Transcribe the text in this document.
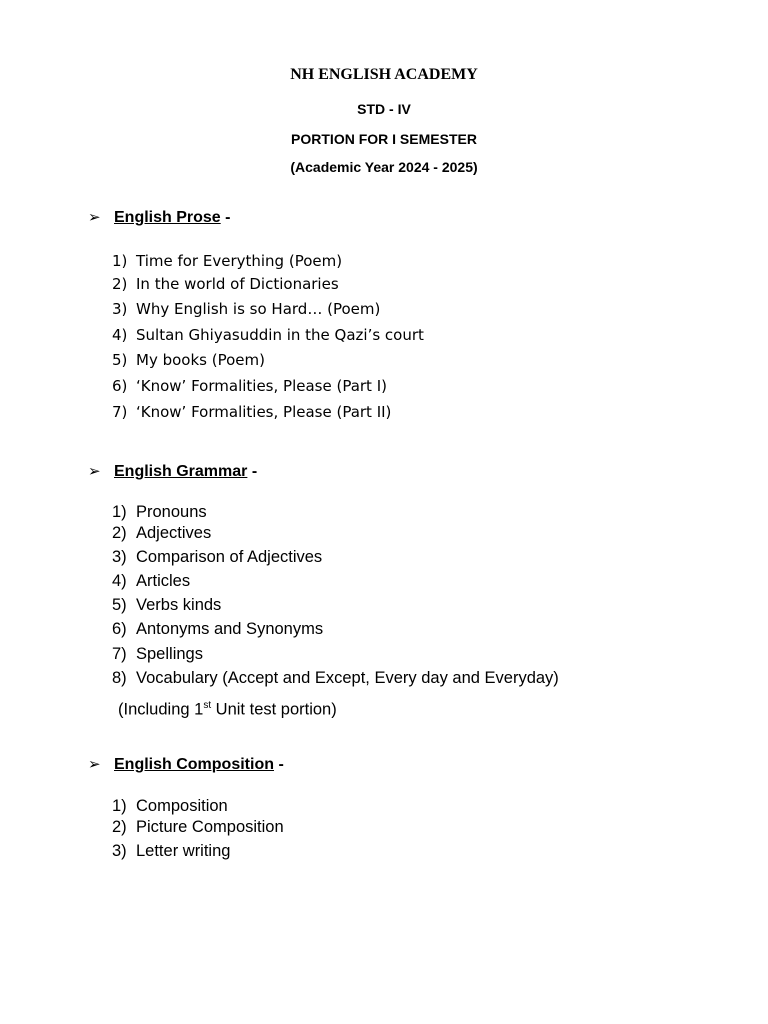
NH ENGLISH ACADEMY
STD - IV
PORTION FOR I SEMESTER
(Academic Year 2024 - 2025)
➢ English Prose -
1) Time for Everything (Poem)
2) In the world of Dictionaries
3) Why English is so Hard… (Poem)
4) Sultan Ghiyasuddin in the Qazi’s court
5) My books (Poem)
6) ‘Know’ Formalities, Please (Part I)
7) ‘Know’ Formalities, Please (Part II)
➢ English Grammar -
1) Pronouns
2) Adjectives
3) Comparison of Adjectives
4) Articles
5) Verbs kinds
6) Antonyms and Synonyms
7) Spellings
8) Vocabulary (Accept and Except, Every day and Everyday)
(Including 1st Unit test portion)
➢ English Composition -
1) Composition
2) Picture Composition
3) Letter writing
